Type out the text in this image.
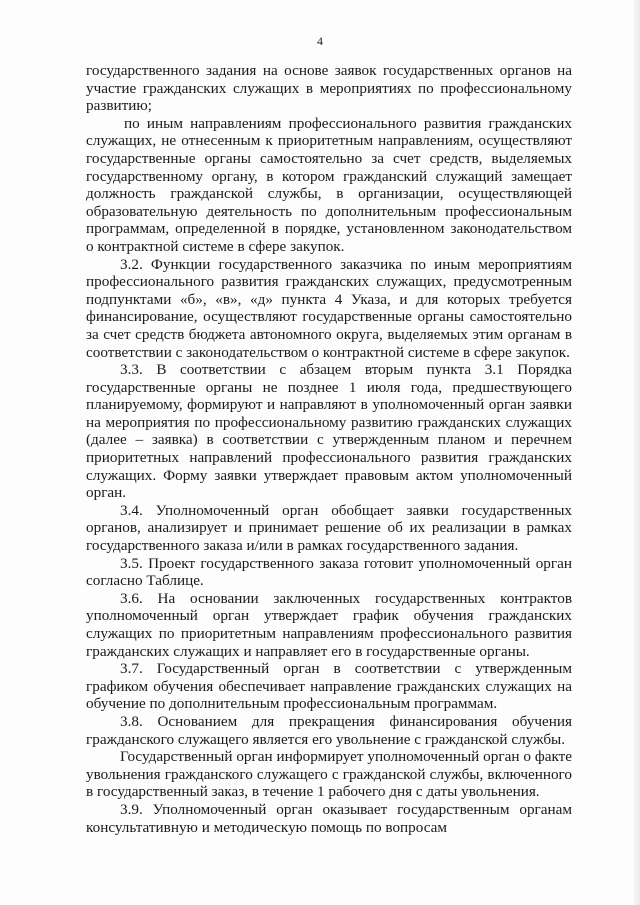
4

государственного задания на основе заявок государственных органов на участие гражданских служащих в мероприятиях по профессиональному развитию;

по иным направлениям профессионального развития гражданских служащих, не отнесенным к приоритетным направлениям, осуществляют государственные органы самостоятельно за счет средств, выделяемых государственному органу, в котором гражданский служащий замещает должность гражданской службы, в организации, осуществляющей образовательную деятельность по дополнительным профессиональным программам, определенной в порядке, установленном законодательством о контрактной системе в сфере закупок.

3.2. Функции государственного заказчика по иным мероприятиям профессионального развития гражданских служащих, предусмотренным подпунктами «б», «в», «д» пункта 4 Указа, и для которых требуется финансирование, осуществляют государственные органы самостоятельно за счет средств бюджета автономного округа, выделяемых этим органам в соответствии с законодательством о контрактной системе в сфере закупок.

3.3. В соответствии с абзацем вторым пункта 3.1 Порядка государственные органы не позднее 1 июля года, предшествующего планируемому, формируют и направляют в уполномоченный орган заявки на мероприятия по профессиональному развитию гражданских служащих (далее – заявка) в соответствии с утвержденным планом и перечнем приоритетных направлений профессионального развития гражданских служащих. Форму заявки утверждает правовым актом уполномоченный орган.

3.4. Уполномоченный орган обобщает заявки государственных органов, анализирует и принимает решение об их реализации в рамках государственного заказа и/или в рамках государственного задания.

3.5. Проект государственного заказа готовит уполномоченный орган согласно Таблице.

3.6. На основании заключенных государственных контрактов уполномоченный орган утверждает график обучения гражданских служащих по приоритетным направлениям профессионального развития гражданских служащих и направляет его в государственные органы.

3.7. Государственный орган в соответствии с утвержденным графиком обучения обеспечивает направление гражданских служащих на обучение по дополнительным профессиональным программам.

3.8. Основанием для прекращения финансирования обучения гражданского служащего является его увольнение с гражданской службы.

Государственный орган информирует уполномоченный орган о факте увольнения гражданского служащего с гражданской службы, включенного в государственный заказ, в течение 1 рабочего дня с даты увольнения.

3.9. Уполномоченный орган оказывает государственным органам консультативную и методическую помощь по вопросам
